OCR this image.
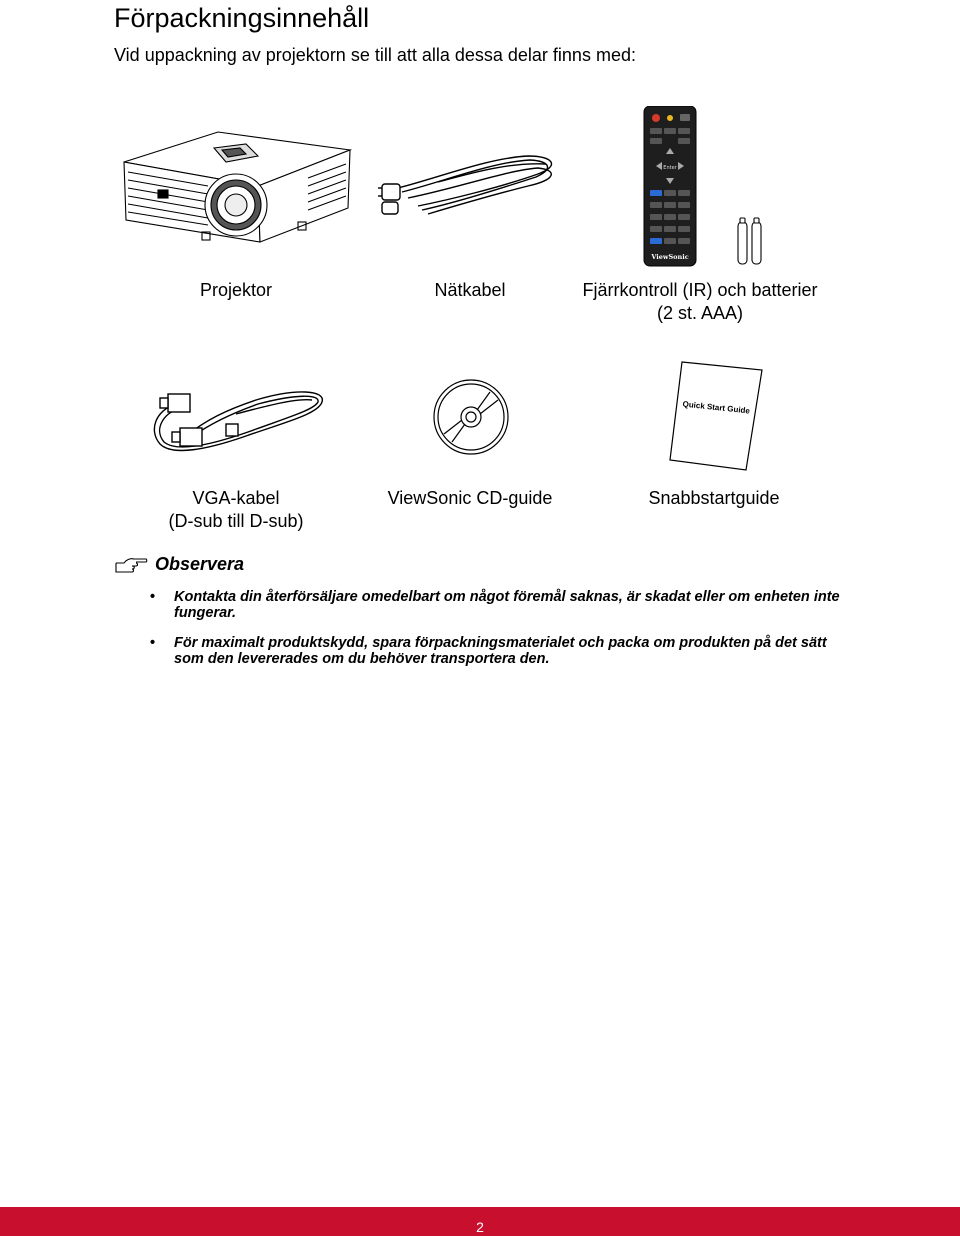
Förpackningsinnehåll
Vid uppackning av projektorn se till att alla dessa delar finns med:
Enter
ViewSonic
Projektor	Nätkabel	Fjärrkontroll (IR) och batterier
(2 st. AAA)
Quick Start Guide
VGA-kabel
(D-sub till D-sub)
ViewSonic CD-guide	Snabbstartguide
Observera
• Kontakta din återförsäljare omedelbart om något föremål saknas, är skadat eller om enheten inte fungerar.
• För maximalt produktskydd, spara förpackningsmaterialet och packa om produkten på det sätt som den levererades om du behöver transportera den.
2
